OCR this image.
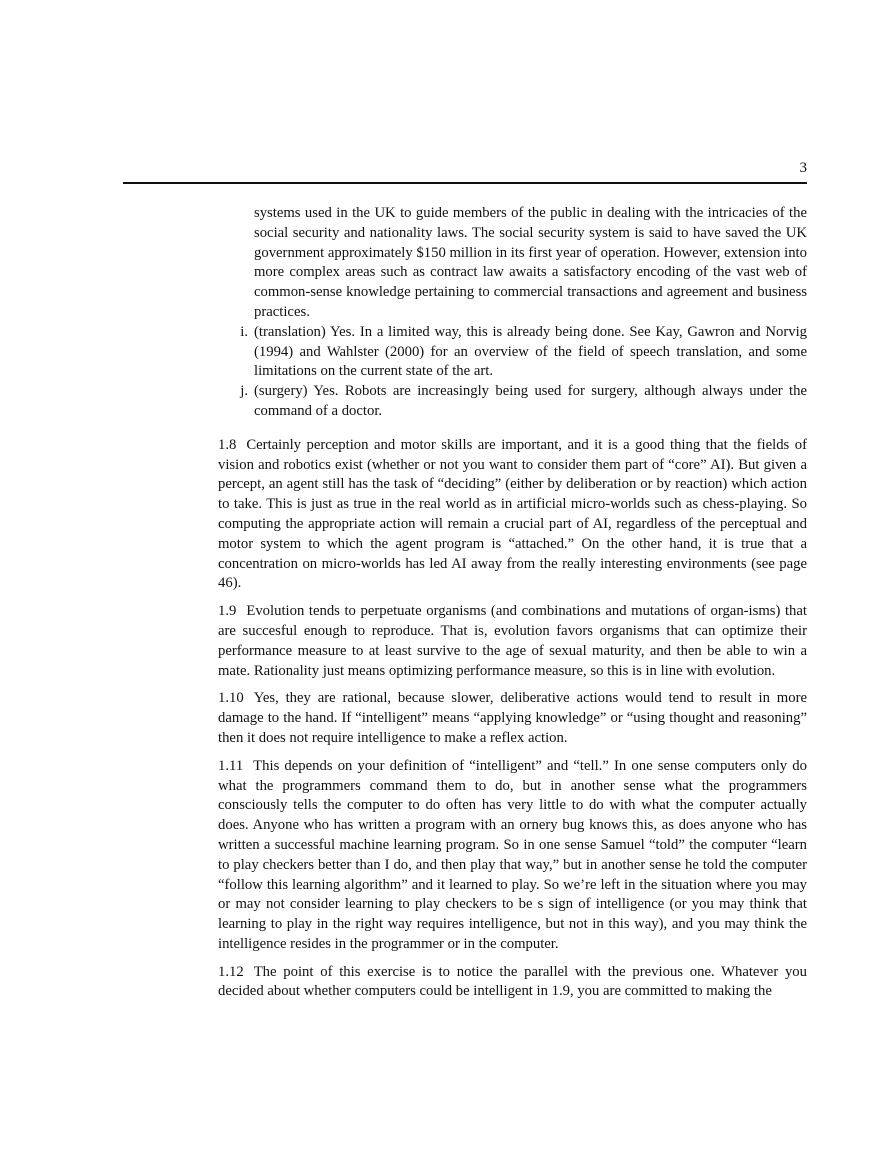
3

systems used in the UK to guide members of the public in dealing with the intricacies of the social security and nationality laws. The social security system is said to have saved the UK government approximately $150 million in its first year of operation. However, extension into more complex areas such as contract law awaits a satisfactory encoding of the vast web of common-sense knowledge pertaining to commercial transactions and agreement and business practices.

i. (translation) Yes. In a limited way, this is already being done. See Kay, Gawron and Norvig (1994) and Wahlster (2000) for an overview of the field of speech translation, and some limitations on the current state of the art.
j. (surgery) Yes. Robots are increasingly being used for surgery, although always under the command of a doctor.

1.8 Certainly perception and motor skills are important, and it is a good thing that the fields of vision and robotics exist (whether or not you want to consider them part of “core” AI). But given a percept, an agent still has the task of “deciding” (either by deliberation or by reaction) which action to take. This is just as true in the real world as in artificial micro-worlds such as chess-playing. So computing the appropriate action will remain a crucial part of AI, regardless of the perceptual and motor system to which the agent program is “attached.” On the other hand, it is true that a concentration on micro-worlds has led AI away from the really interesting environments (see page 46).

1.9 Evolution tends to perpetuate organisms (and combinations and mutations of organ-isms) that are succesful enough to reproduce. That is, evolution favors organisms that can optimize their performance measure to at least survive to the age of sexual maturity, and then be able to win a mate. Rationality just means optimizing performance measure, so this is in line with evolution.

1.10 Yes, they are rational, because slower, deliberative actions would tend to result in more damage to the hand. If “intelligent” means “applying knowledge” or “using thought and reasoning” then it does not require intelligence to make a reflex action.

1.11 This depends on your definition of “intelligent” and “tell.” In one sense computers only do what the programmers command them to do, but in another sense what the programmers consciously tells the computer to do often has very little to do with what the computer actually does. Anyone who has written a program with an ornery bug knows this, as does anyone who has written a successful machine learning program. So in one sense Samuel “told” the computer “learn to play checkers better than I do, and then play that way,” but in another sense he told the computer “follow this learning algorithm” and it learned to play. So we’re left in the situation where you may or may not consider learning to play checkers to be s sign of intelligence (or you may think that learning to play in the right way requires intelligence, but not in this way), and you may think the intelligence resides in the programmer or in the computer.

1.12 The point of this exercise is to notice the parallel with the previous one. Whatever you decided about whether computers could be intelligent in 1.9, you are committed to making the
